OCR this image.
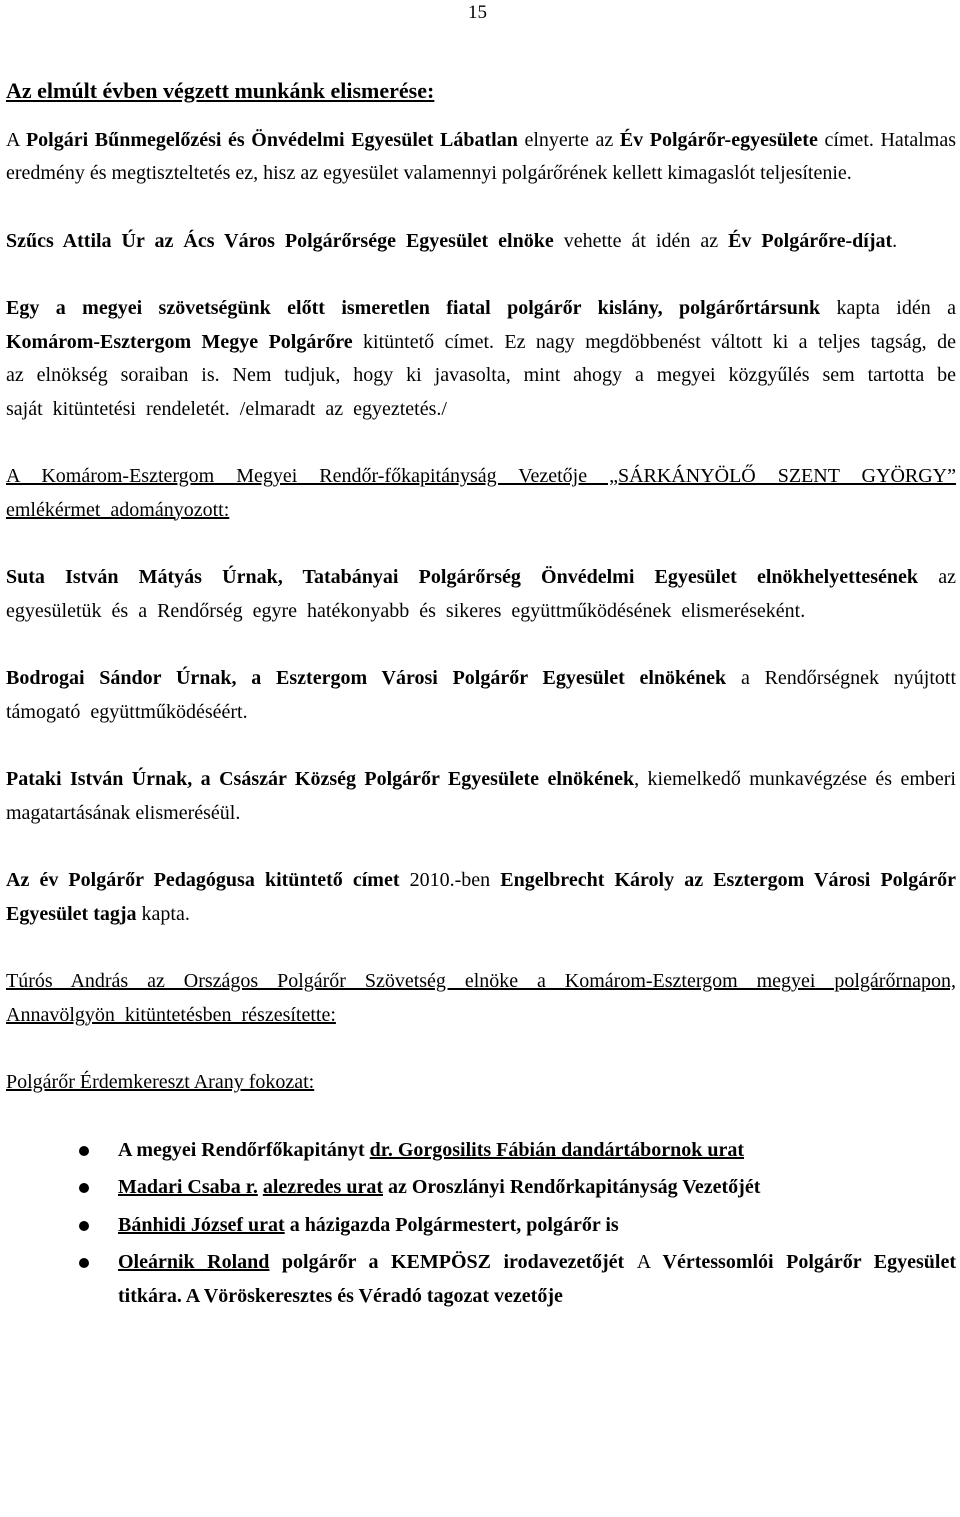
15

Az elmúlt évben végzett munkánk elismerése:

A Polgári Bűnmegelőzési és Önvédelmi Egyesület Lábatlan elnyerte az Év Polgárőr-egyesülete címet. Hatalmas eredmény és megtiszteltetés ez, hisz az egyesület valamennyi polgárőrének kellett kimagaslót teljesítenie.

Szűcs Attila Úr az Ács Város Polgárőrsége Egyesület elnöke vehette át idén az Év Polgárőre-díjat.

Egy a megyei szövetségünk előtt ismeretlen fiatal polgárőr kislány, polgárőrtársunk kapta idén a Komárom-Esztergom Megye Polgárőre kitüntető címet. Ez nagy megdöbbenést váltott ki a teljes tagság, de az elnökség soraiban is. Nem tudjuk, hogy ki javasolta, mint ahogy a megyei közgyűlés sem tartotta be saját kitüntetési rendeletét. /elmaradt az egyeztetés./

A Komárom-Esztergom Megyei Rendőr-főkapitányság Vezetője „SÁRKÁNYÖLŐ SZENT GYÖRGY” emlékérmet adományozott:

Suta István Mátyás Úrnak, Tatabányai Polgárőrség Önvédelmi Egyesület elnökhelyettesének az egyesületük és a Rendőrség egyre hatékonyabb és sikeres együttműködésének elismeréseként.

Bodrogai Sándor Úrnak, a Esztergom Városi Polgárőr Egyesület elnökének a Rendőrségnek nyújtott támogató együttműködéséért.

Pataki István Úrnak, a Császár Község Polgárőr Egyesülete elnökének, kiemelkedő munkavégzése és emberi magatartásának elismeréséül.

Az év Polgárőr Pedagógusa kitüntető címet 2010.-ben Engelbrecht Károly az Esztergom Városi Polgárőr Egyesület tagja kapta.

Túrós András az Országos Polgárőr Szövetség elnöke a Komárom-Esztergom megyei polgárőrnapon, Annavölgyön kitüntetésben részesítette:

Polgárőr Érdemkereszt Arany fokozat:

A megyei Rendőrfőkapitányt dr. Gorgosilits Fábián dandártábornok urat
Madari Csaba r. alezredes urat az Oroszlányi Rendőrkapitányság Vezetőjét
Bánhidi József urat a házigazda Polgármestert, polgárőr is
Oleárnik Roland polgárőr a KEMPÖSZ irodavezetőjét A Vértessomlói Polgárőr Egyesület titkára. A Vöröskeresztes és Véradó tagozat vezetője
